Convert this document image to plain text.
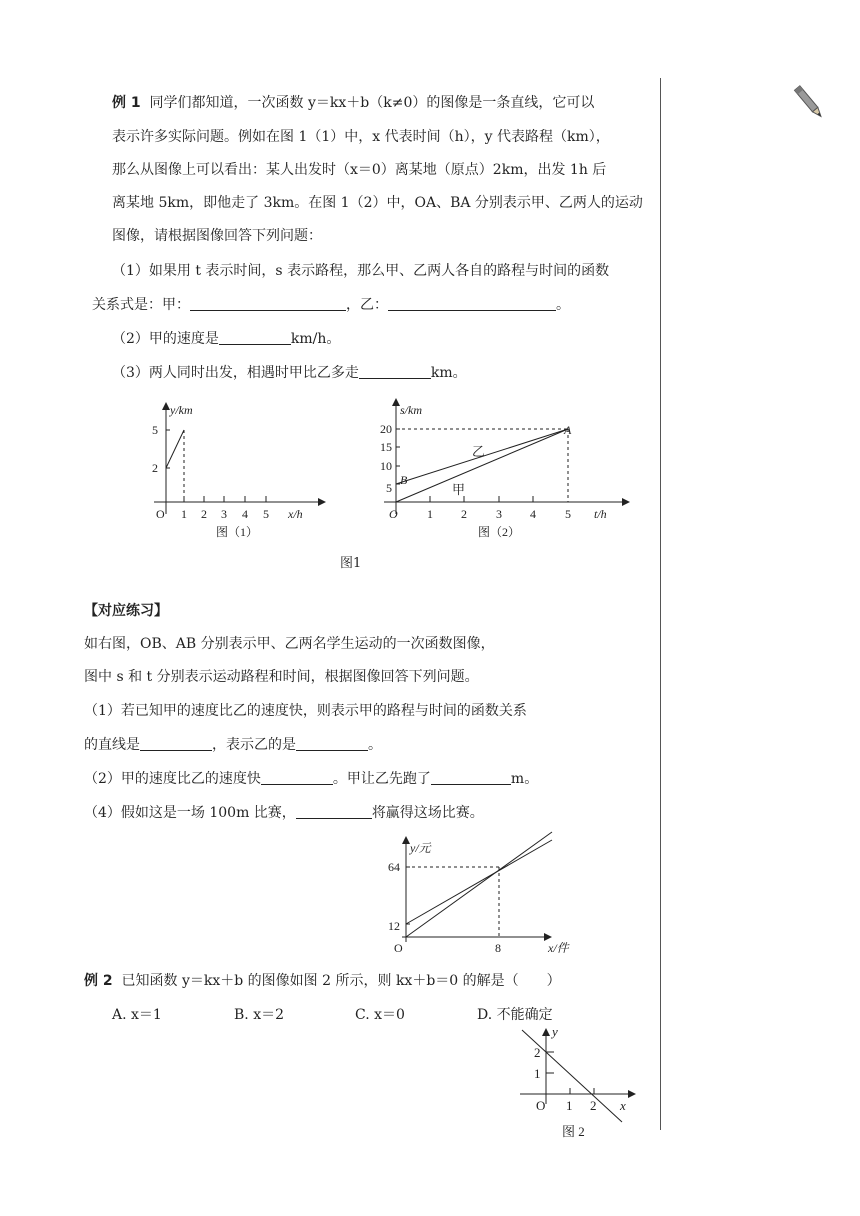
例 1 同学们都知道，一次函数 y＝kx＋b（k≠0）的图像是一条直线，它可以
表示许多实际问题。例如在图 1（1）中，x 代表时间（h），y 代表路程（km），
那么从图像上可以看出：某人出发时（x＝0）离某地（原点）2km，出发 1h 后
离某地 5km，即他走了 3km。在图 1（2）中，OA、BA 分别表示甲、乙两人的运动
图像，请根据图像回答下列问题：
（1）如果用 t 表示时间，s 表示路程，那么甲、乙两人各自的路程与时间的函数
关系式是：甲：	，乙：	。
（2）甲的速度是	km/h。
（3）两人同时出发，相遇时甲比乙多走	km。
y/km
5
2
O 1 2 3 4 5 x/h
图（1）
s/km
20
15
10
5
B
A
乙
甲
O 1 2 3 4 5 t/h
图（2）
图1
【对应练习】
如右图，OB、AB 分别表示甲、乙两名学生运动的一次函数图像，
图中 s 和 t 分别表示运动路程和时间，根据图像回答下列问题。
（1）若已知甲的速度比乙的速度快，则表示甲的路程与时间的函数关系
的直线是	，表示乙的是	。
（2）甲的速度比乙的速度快	。甲让乙先跑了	m。
（4）假如这是一场 100m 比赛，	将赢得这场比赛。
y/元
64
12
O	8	x/件
例 2 已知函数 y＝kx＋b 的图像如图 2 所示，则 kx＋b＝0 的解是（　　）
A. x＝1	B. x＝2	C. x＝0	D. 不能确定
y
2
1
O 1 2 x
图 2
